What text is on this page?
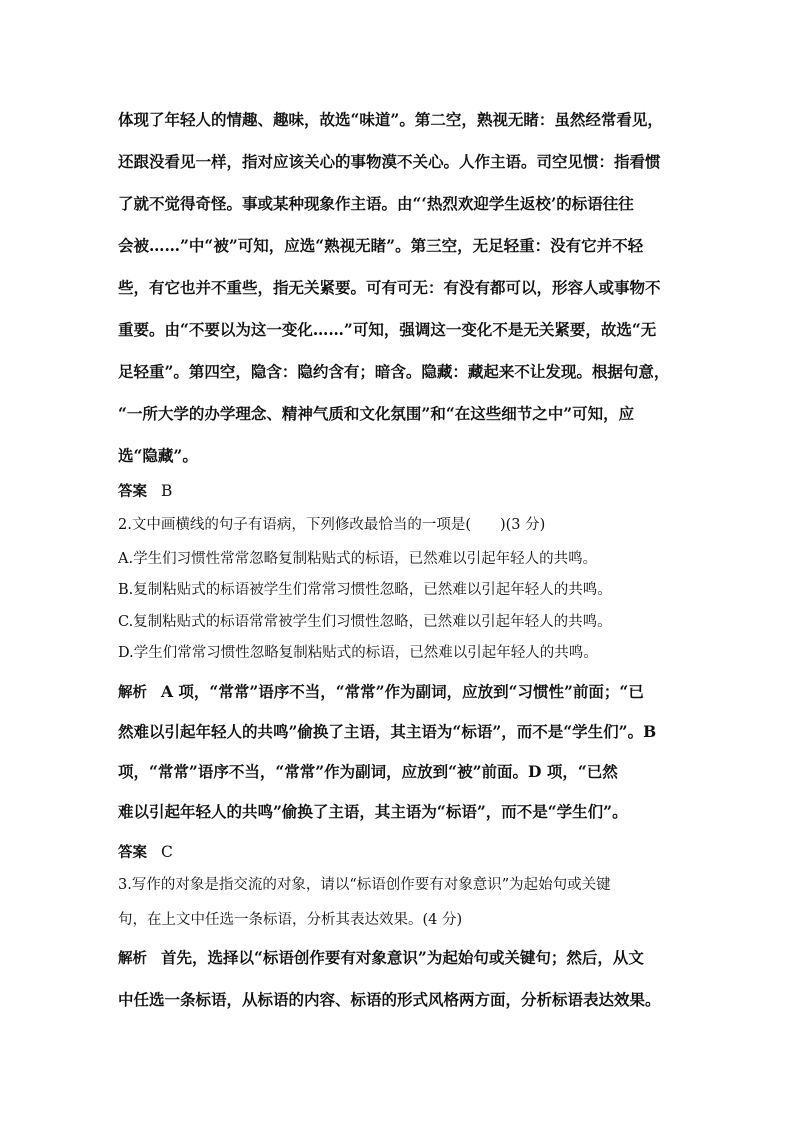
体现了年轻人的情趣、趣味，故选“味道”。第二空，熟视无睹：虽然经常看见，
还跟没看见一样，指对应该关心的事物漠不关心。人作主语。司空见惯：指看惯
了就不觉得奇怪。事或某种现象作主语。由“‘热烈欢迎学生返校’的标语往往
会被……”中“被”可知，应选“熟视无睹”。第三空，无足轻重：没有它并不轻
些，有它也并不重些，指无关紧要。可有可无：有没有都可以，形容人或事物不
重要。由“不要以为这一变化……”可知，强调这一变化不是无关紧要，故选“无
足轻重”。第四空，隐含：隐约含有；暗含。隐藏：藏起来不让发现。根据句意，
“一所大学的办学理念、精神气质和文化氛围”和“在这些细节之中”可知，应
选“隐藏”。
答案 B
2.文中画横线的句子有语病，下列修改最恰当的一项是(　　)(3 分)
A.学生们习惯性常常忽略复制粘贴式的标语，已然难以引起年轻人的共鸣。
B.复制粘贴式的标语被学生们常常习惯性忽略，已然难以引起年轻人的共鸣。
C.复制粘贴式的标语常常被学生们习惯性忽略，已然难以引起年轻人的共鸣。
D.学生们常常习惯性忽略复制粘贴式的标语，已然难以引起年轻人的共鸣。
解析 A 项，“常常”语序不当，“常常”作为副词，应放到“习惯性”前面；“已
然难以引起年轻人的共鸣”偷换了主语，其主语为“标语”，而不是“学生们”。B
项，“常常”语序不当，“常常”作为副词，应放到“被”前面。D 项，“已然
难以引起年轻人的共鸣”偷换了主语，其主语为“标语”，而不是“学生们”。
答案 C
3.写作的对象是指交流的对象，请以“标语创作要有对象意识”为起始句或关键
句，在上文中任选一条标语，分析其表达效果。(4 分)
解析 首先，选择以“标语创作要有对象意识”为起始句或关键句；然后，从文
中任选一条标语，从标语的内容、标语的形式风格两方面，分析标语表达效果。
